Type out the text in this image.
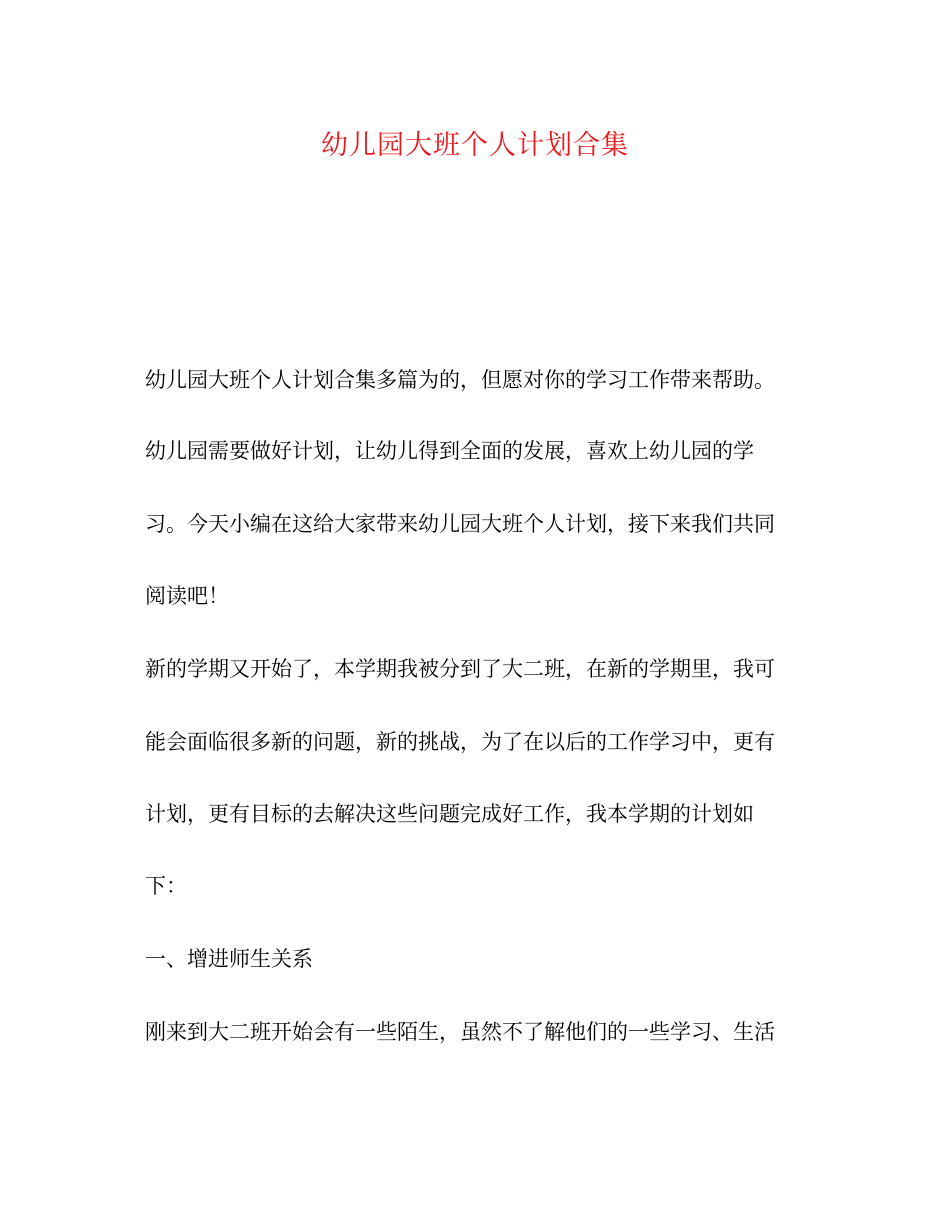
幼儿园大班个人计划合集
幼儿园大班个人计划合集多篇为的，但愿对你的学习工作带来帮助。
幼儿园需要做好计划，让幼儿得到全面的发展，喜欢上幼儿园的学
习。今天小编在这给大家带来幼儿园大班个人计划，接下来我们共同
阅读吧！
新的学期又开始了，本学期我被分到了大二班，在新的学期里，我可
能会面临很多新的问题，新的挑战，为了在以后的工作学习中，更有
计划，更有目标的去解决这些问题完成好工作，我本学期的计划如
下：
一、增进师生关系
刚来到大二班开始会有一些陌生，虽然不了解他们的一些学习、生活
